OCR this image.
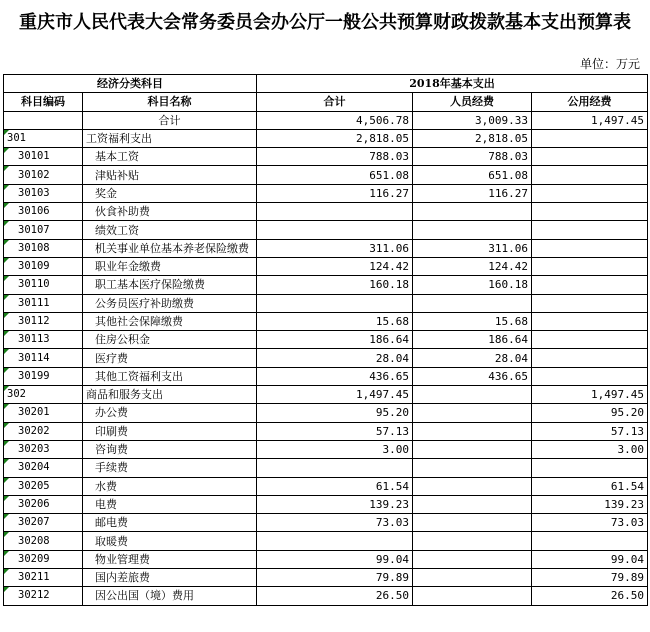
重庆市人民代表大会常务委员会办公厅一般公共预算财政拨款基本支出预算表
单位：万元
经济分类科目		2018年基本支出		
科目编码	科目名称	合计	人员经费	公用经费
	合计	4,506.78	3,009.33	1,497.45
301	工资福利支出	2,818.05	2,818.05	
30101	基本工资	788.03	788.03	
30102	津贴补贴	651.08	651.08	
30103	奖金	116.27	116.27	
30106	伙食补助费			
30107	绩效工资			
30108	机关事业单位基本养老保险缴费	311.06	311.06	
30109	职业年金缴费	124.42	124.42	
30110	职工基本医疗保险缴费	160.18	160.18	
30111	公务员医疗补助缴费			
30112	其他社会保障缴费	15.68	15.68	
30113	住房公积金	186.64	186.64	
30114	医疗费	28.04	28.04	
30199	其他工资福利支出	436.65	436.65	
302	商品和服务支出	1,497.45		1,497.45
30201	办公费	95.20		95.20
30202	印刷费	57.13		57.13
30203	咨询费	3.00		3.00
30204	手续费			
30205	水费	61.54		61.54
30206	电费	139.23		139.23
30207	邮电费	73.03		73.03
30208	取暖费			
30209	物业管理费	99.04		99.04
30211	国内差旅费	79.89		79.89
30212	因公出国（境）费用	26.50		26.50
